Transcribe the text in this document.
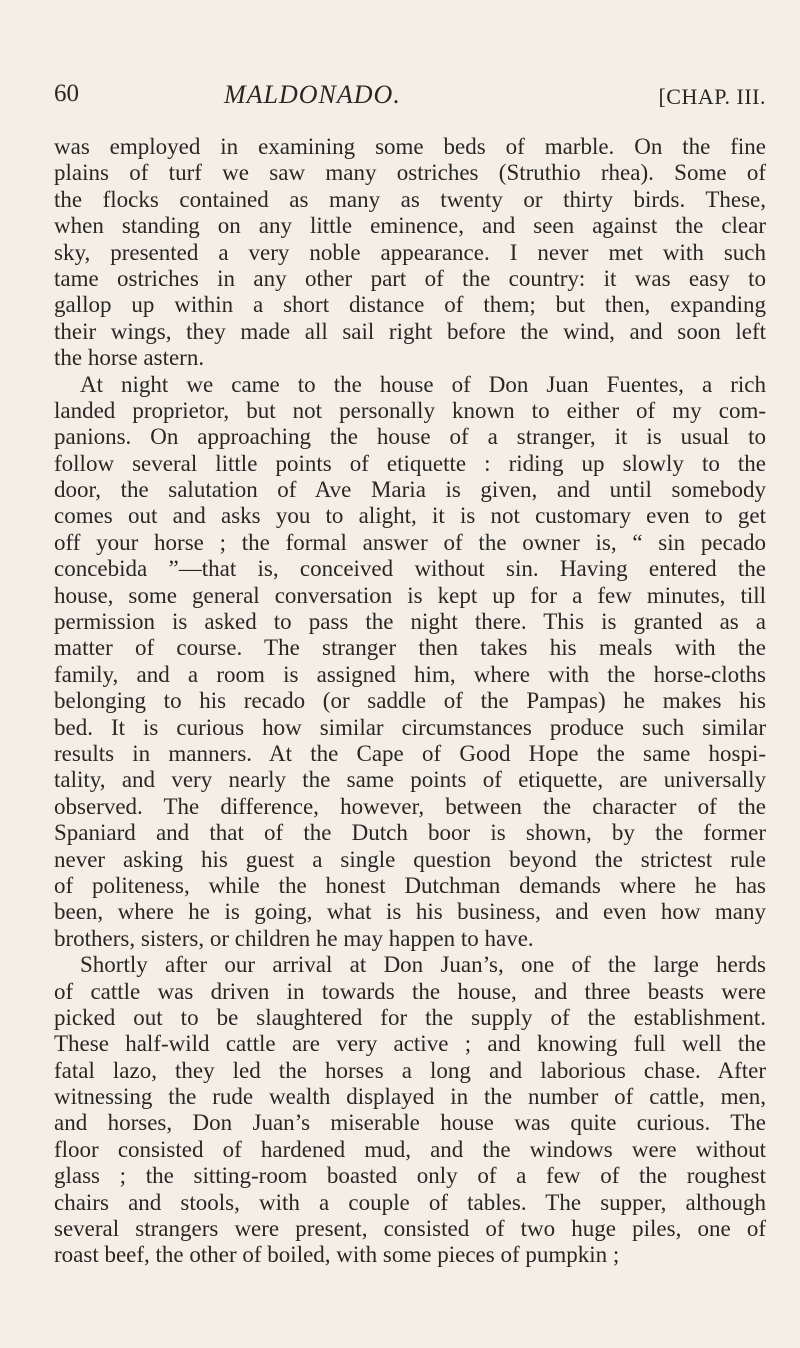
60	MALDONADO.	[CHAP. III.
was employed in examining some beds of marble. On the fine
plains of turf we saw many ostriches (Struthio rhea). Some of
the flocks contained as many as twenty or thirty birds. These,
when standing on any little eminence, and seen against the clear
sky, presented a very noble appearance. I never met with such
tame ostriches in any other part of the country: it was easy to
gallop up within a short distance of them; but then, expanding
their wings, they made all sail right before the wind, and soon left
the horse astern.
At night we came to the house of Don Juan Fuentes, a rich
landed proprietor, but not personally known to either of my com-
panions. On approaching the house of a stranger, it is usual to
follow several little points of etiquette : riding up slowly to the
door, the salutation of Ave Maria is given, and until somebody
comes out and asks you to alight, it is not customary even to get
off your horse ; the formal answer of the owner is, “ sin pecado
concebida ”—that is, conceived without sin. Having entered the
house, some general conversation is kept up for a few minutes, till
permission is asked to pass the night there. This is granted as a
matter of course. The stranger then takes his meals with the
family, and a room is assigned him, where with the horse-cloths
belonging to his recado (or saddle of the Pampas) he makes his
bed. It is curious how similar circumstances produce such similar
results in manners. At the Cape of Good Hope the same hospi-
tality, and very nearly the same points of etiquette, are universally
observed. The difference, however, between the character of the
Spaniard and that of the Dutch boor is shown, by the former
never asking his guest a single question beyond the strictest rule
of politeness, while the honest Dutchman demands where he has
been, where he is going, what is his business, and even how many
brothers, sisters, or children he may happen to have.
Shortly after our arrival at Don Juan’s, one of the large herds
of cattle was driven in towards the house, and three beasts were
picked out to be slaughtered for the supply of the establishment.
These half-wild cattle are very active ; and knowing full well the
fatal lazo, they led the horses a long and laborious chase. After
witnessing the rude wealth displayed in the number of cattle, men,
and horses, Don Juan’s miserable house was quite curious. The
floor consisted of hardened mud, and the windows were without
glass ; the sitting-room boasted only of a few of the roughest
chairs and stools, with a couple of tables. The supper, although
several strangers were present, consisted of two huge piles, one of
roast beef, the other of boiled, with some pieces of pumpkin ;
